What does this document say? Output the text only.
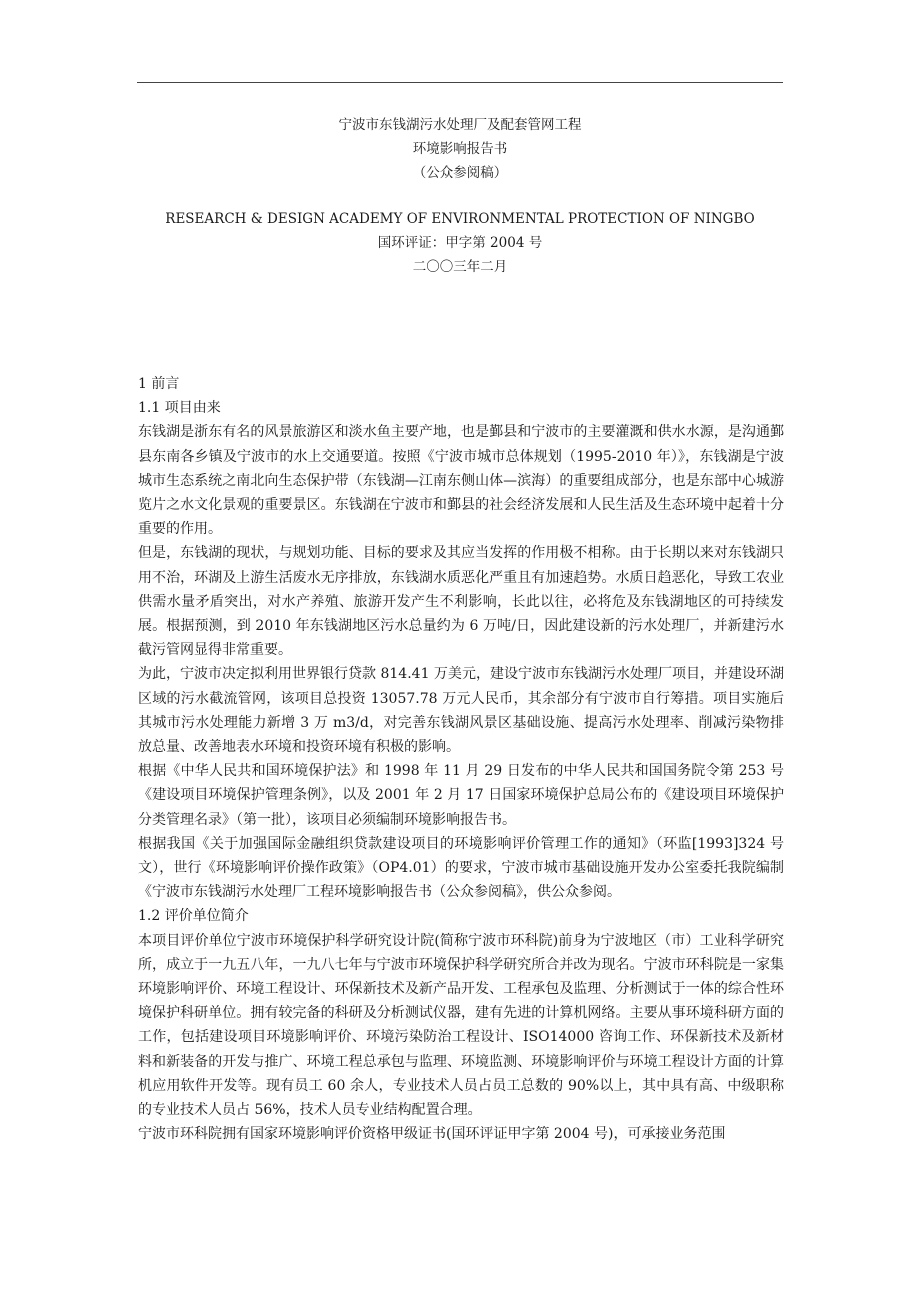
宁波市东钱湖污水处理厂及配套管网工程
环境影响报告书
（公众参阅稿）
RESEARCH & DESIGN ACADEMY OF ENVIRONMENTAL PROTECTION OF NINGBO
国环评证：甲字第 2004 号
二〇〇三年二月

1 前言

1.1 项目由来

东钱湖是浙东有名的风景旅游区和淡水鱼主要产地，也是鄞县和宁波市的主要灌溉和供水水源，是沟通鄞县东南各乡镇及宁波市的水上交通要道。按照《宁波市城市总体规划（1995-2010 年）》，东钱湖是宁波城市生态系统之南北向生态保护带（东钱湖—江南东侧山体—滨海）的重要组成部分，也是东部中心城游览片之水文化景观的重要景区。东钱湖在宁波市和鄞县的社会经济发展和人民生活及生态环境中起着十分重要的作用。

但是，东钱湖的现状，与规划功能、目标的要求及其应当发挥的作用极不相称。由于长期以来对东钱湖只用不治，环湖及上游生活废水无序排放，东钱湖水质恶化严重且有加速趋势。水质日趋恶化，导致工农业供需水量矛盾突出，对水产养殖、旅游开发产生不利影响，长此以往，必将危及东钱湖地区的可持续发展。根据预测，到 2010 年东钱湖地区污水总量约为 6 万吨/日，因此建设新的污水处理厂，并新建污水截污管网显得非常重要。

为此，宁波市决定拟利用世界银行贷款 814.41 万美元，建设宁波市东钱湖污水处理厂项目，并建设环湖区域的污水截流管网，该项目总投资 13057.78 万元人民币，其余部分有宁波市自行筹措。项目实施后其城市污水处理能力新增 3 万 m3/d，对完善东钱湖风景区基础设施、提高污水处理率、削减污染物排放总量、改善地表水环境和投资环境有积极的影响。

根据《中华人民共和国环境保护法》和 1998 年 11 月 29 日发布的中华人民共和国国务院令第 253 号 《建设项目环境保护管理条例》，以及 2001 年 2 月 17 日国家环境保护总局公布的《建设项目环境保护分类管理名录》（第一批），该项目必须编制环境影响报告书。

根据我国《关于加强国际金融组织贷款建设项目的环境影响评价管理工作的通知》（环监[1993]324 号文），世行《环境影响评价操作政策》（OP4.01）的要求，宁波市城市基础设施开发办公室委托我院编制《宁波市东钱湖污水处理厂工程环境影响报告书（公众参阅稿》，供公众参阅。

1.2 评价单位简介

本项目评价单位宁波市环境保护科学研究设计院(简称宁波市环科院)前身为宁波地区（市）工业科学研究所，成立于一九五八年，一九八七年与宁波市环境保护科学研究所合并改为现名。宁波市环科院是一家集环境影响评价、环境工程设计、环保新技术及新产品开发、工程承包及监理、分析测试于一体的综合性环境保护科研单位。拥有较完备的科研及分析测试仪器，建有先进的计算机网络。主要从事环境科研方面的工作，包括建设项目环境影响评价、环境污染防治工程设计、ISO14000 咨询工作、环保新技术及新材料和新装备的开发与推广、环境工程总承包与监理、环境监测、环境影响评价与环境工程设计方面的计算机应用软件开发等。现有员工 60 余人，专业技术人员占员工总数的 90%以上，其中具有高、中级职称的专业技术人员占 56%，技术人员专业结构配置合理。

宁波市环科院拥有国家环境影响评价资格甲级证书(国环评证甲字第 2004 号)，可承接业务范围
